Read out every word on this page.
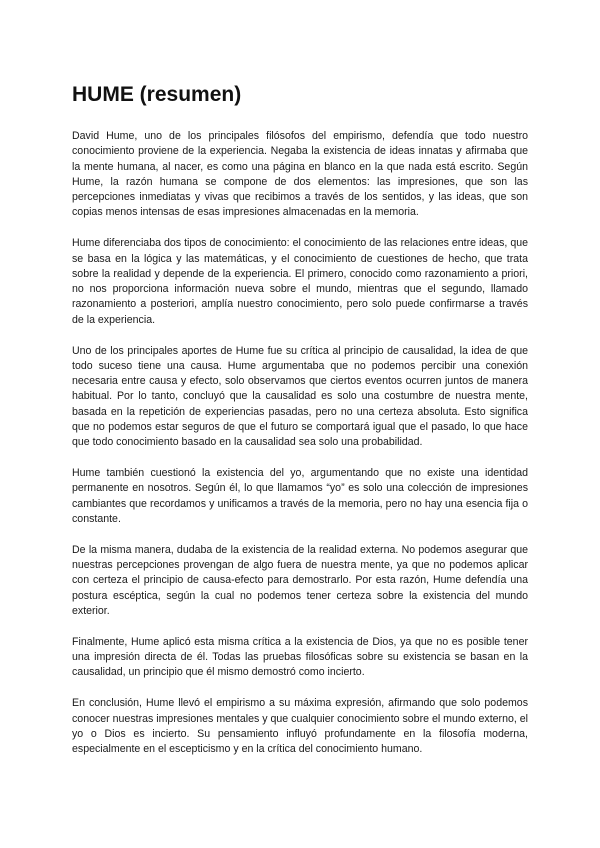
HUME (resumen)

David Hume, uno de los principales filósofos del empirismo, defendía que todo nuestro conocimiento proviene de la experiencia. Negaba la existencia de ideas innatas y afirmaba que la mente humana, al nacer, es como una página en blanco en la que nada está escrito. Según Hume, la razón humana se compone de dos elementos: las impresiones, que son las percepciones inmediatas y vivas que recibimos a través de los sentidos, y las ideas, que son copias menos intensas de esas impresiones almacenadas en la memoria.

Hume diferenciaba dos tipos de conocimiento: el conocimiento de las relaciones entre ideas, que se basa en la lógica y las matemáticas, y el conocimiento de cuestiones de hecho, que trata sobre la realidad y depende de la experiencia. El primero, conocido como razonamiento a priori, no nos proporciona información nueva sobre el mundo, mientras que el segundo, llamado razonamiento a posteriori, amplía nuestro conocimiento, pero solo puede confirmarse a través de la experiencia.

Uno de los principales aportes de Hume fue su crítica al principio de causalidad, la idea de que todo suceso tiene una causa. Hume argumentaba que no podemos percibir una conexión necesaria entre causa y efecto, solo observamos que ciertos eventos ocurren juntos de manera habitual. Por lo tanto, concluyó que la causalidad es solo una costumbre de nuestra mente, basada en la repetición de experiencias pasadas, pero no una certeza absoluta. Esto significa que no podemos estar seguros de que el futuro se comportará igual que el pasado, lo que hace que todo conocimiento basado en la causalidad sea solo una probabilidad.

Hume también cuestionó la existencia del yo, argumentando que no existe una identidad permanente en nosotros. Según él, lo que llamamos “yo” es solo una colección de impresiones cambiantes que recordamos y unificamos a través de la memoria, pero no hay una esencia fija o constante.

De la misma manera, dudaba de la existencia de la realidad externa. No podemos asegurar que nuestras percepciones provengan de algo fuera de nuestra mente, ya que no podemos aplicar con certeza el principio de causa-efecto para demostrarlo. Por esta razón, Hume defendía una postura escéptica, según la cual no podemos tener certeza sobre la existencia del mundo exterior.

Finalmente, Hume aplicó esta misma crítica a la existencia de Dios, ya que no es posible tener una impresión directa de él. Todas las pruebas filosóficas sobre su existencia se basan en la causalidad, un principio que él mismo demostró como incierto.

En conclusión, Hume llevó el empirismo a su máxima expresión, afirmando que solo podemos conocer nuestras impresiones mentales y que cualquier conocimiento sobre el mundo externo, el yo o Dios es incierto. Su pensamiento influyó profundamente en la filosofía moderna, especialmente en el escepticismo y en la crítica del conocimiento humano.
